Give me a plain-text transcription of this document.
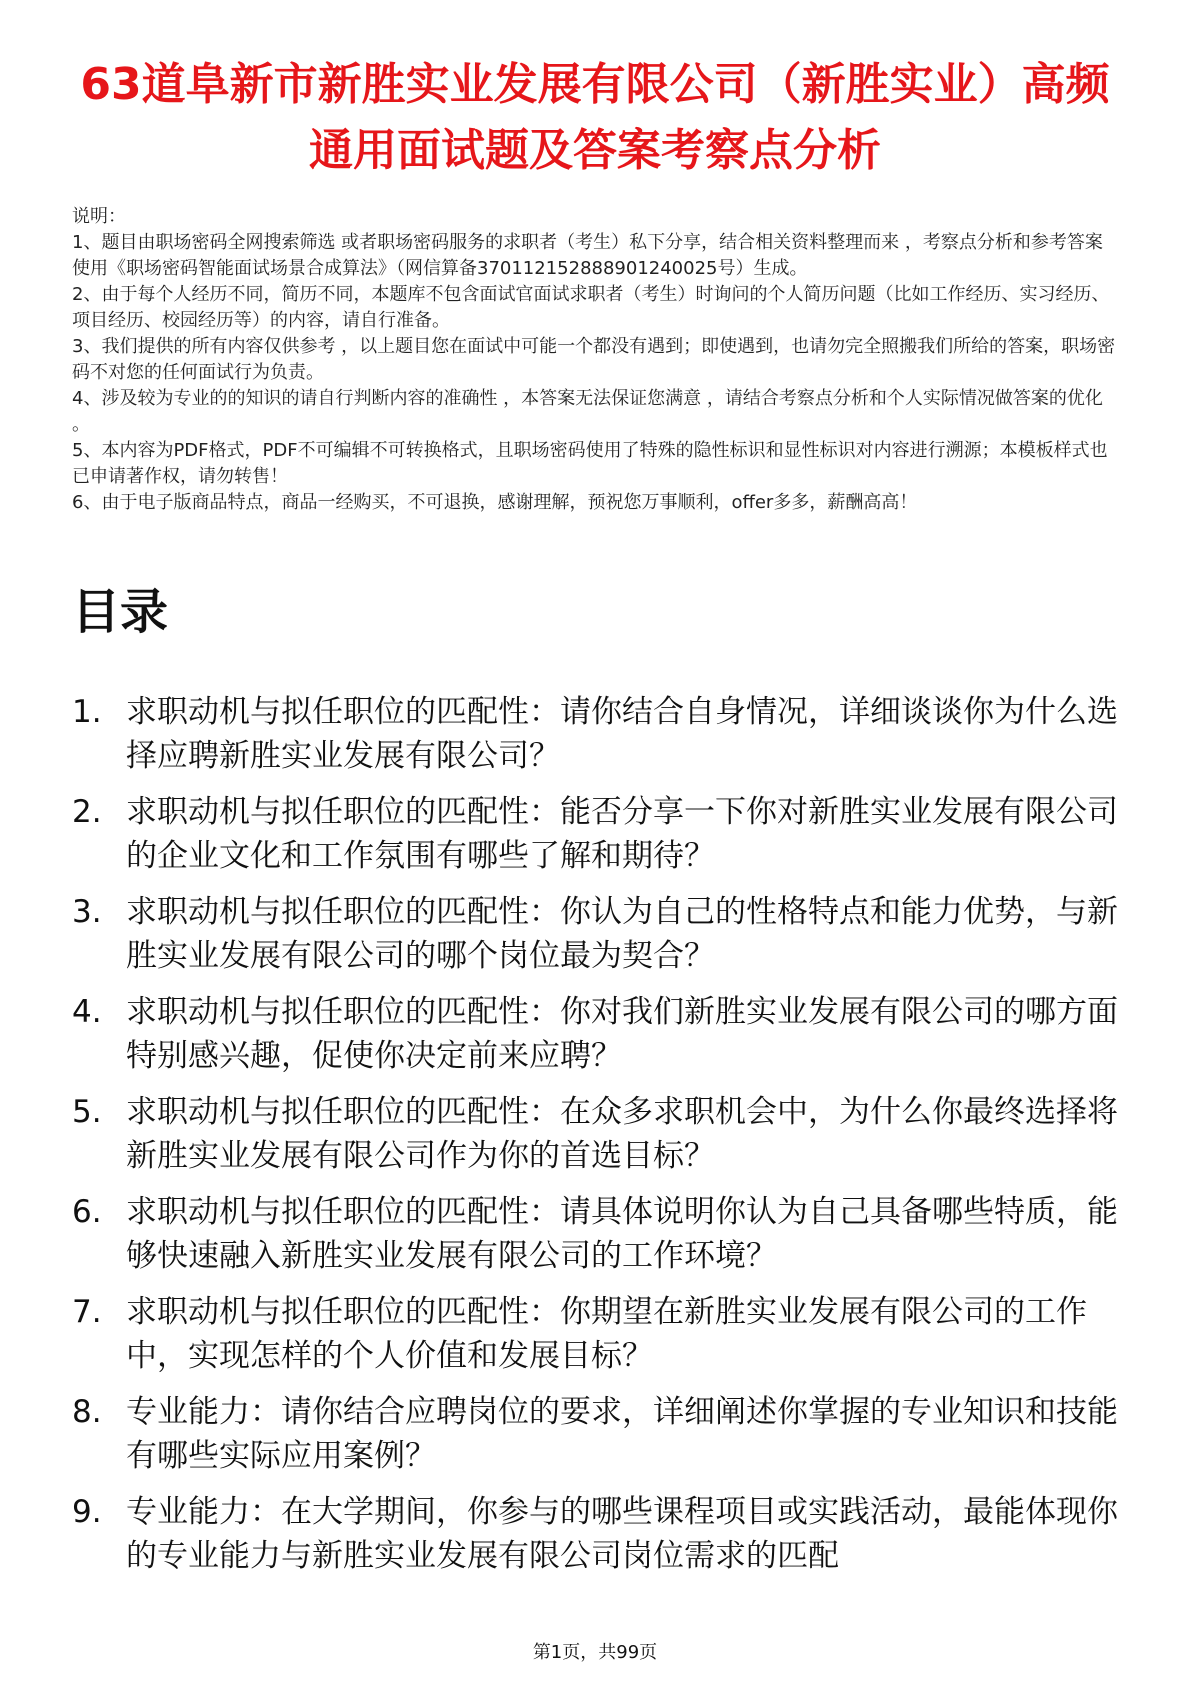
63道阜新市新胜实业发展有限公司（新胜实业）高频通用面试题及答案考察点分析
说明：
1、题目由职场密码全网搜索筛选 或者职场密码服务的求职者（考生）私下分享，结合相关资料整理而来 ，考察点分析和参考答案使用《职场密码智能面试场景合成算法》（网信算备370112152888901240025号）生成。
2、由于每个人经历不同，简历不同，本题库不包含面试官面试求职者（考生）时询问的个人简历问题（比如工作经历、实习经历、项目经历、校园经历等）的内容，请自行准备。
3、我们提供的所有内容仅供参考 ，以上题目您在面试中可能一个都没有遇到；即使遇到，也请勿完全照搬我们所给的答案，职场密码不对您的任何面试行为负责。
4、涉及较为专业的的知识的请自行判断内容的准确性 ，本答案无法保证您满意 ，请结合考察点分析和个人实际情况做答案的优化 。
5、本内容为PDF格式，PDF不可编辑不可转换格式，且职场密码使用了特殊的隐性标识和显性标识对内容进行溯源；本模板样式也已申请著作权，请勿转售！
6、由于电子版商品特点，商品一经购买，不可退换，感谢理解，预祝您万事顺利，offer多多，薪酬高高！
目录
1. 求职动机与拟任职位的匹配性：请你结合自身情况，详细谈谈你为什么选择应聘新胜实业发展有限公司？
2. 求职动机与拟任职位的匹配性：能否分享一下你对新胜实业发展有限公司的企业文化和工作氛围有哪些了解和期待？
3. 求职动机与拟任职位的匹配性：你认为自己的性格特点和能力优势，与新胜实业发展有限公司的哪个岗位最为契合？
4. 求职动机与拟任职位的匹配性：你对我们新胜实业发展有限公司的哪方面特别感兴趣，促使你决定前来应聘？
5. 求职动机与拟任职位的匹配性：在众多求职机会中，为什么你最终选择将新胜实业发展有限公司作为你的首选目标？
6. 求职动机与拟任职位的匹配性：请具体说明你认为自己具备哪些特质，能够快速融入新胜实业发展有限公司的工作环境？
7. 求职动机与拟任职位的匹配性：你期望在新胜实业发展有限公司的工作中，实现怎样的个人价值和发展目标？
8. 专业能力：请你结合应聘岗位的要求，详细阐述你掌握的专业知识和技能有哪些实际应用案例？
9. 专业能力：在大学期间，你参与的哪些课程项目或实践活动，最能体现你的专业能力与新胜实业发展有限公司岗位需求的匹配
第1页，共99页
